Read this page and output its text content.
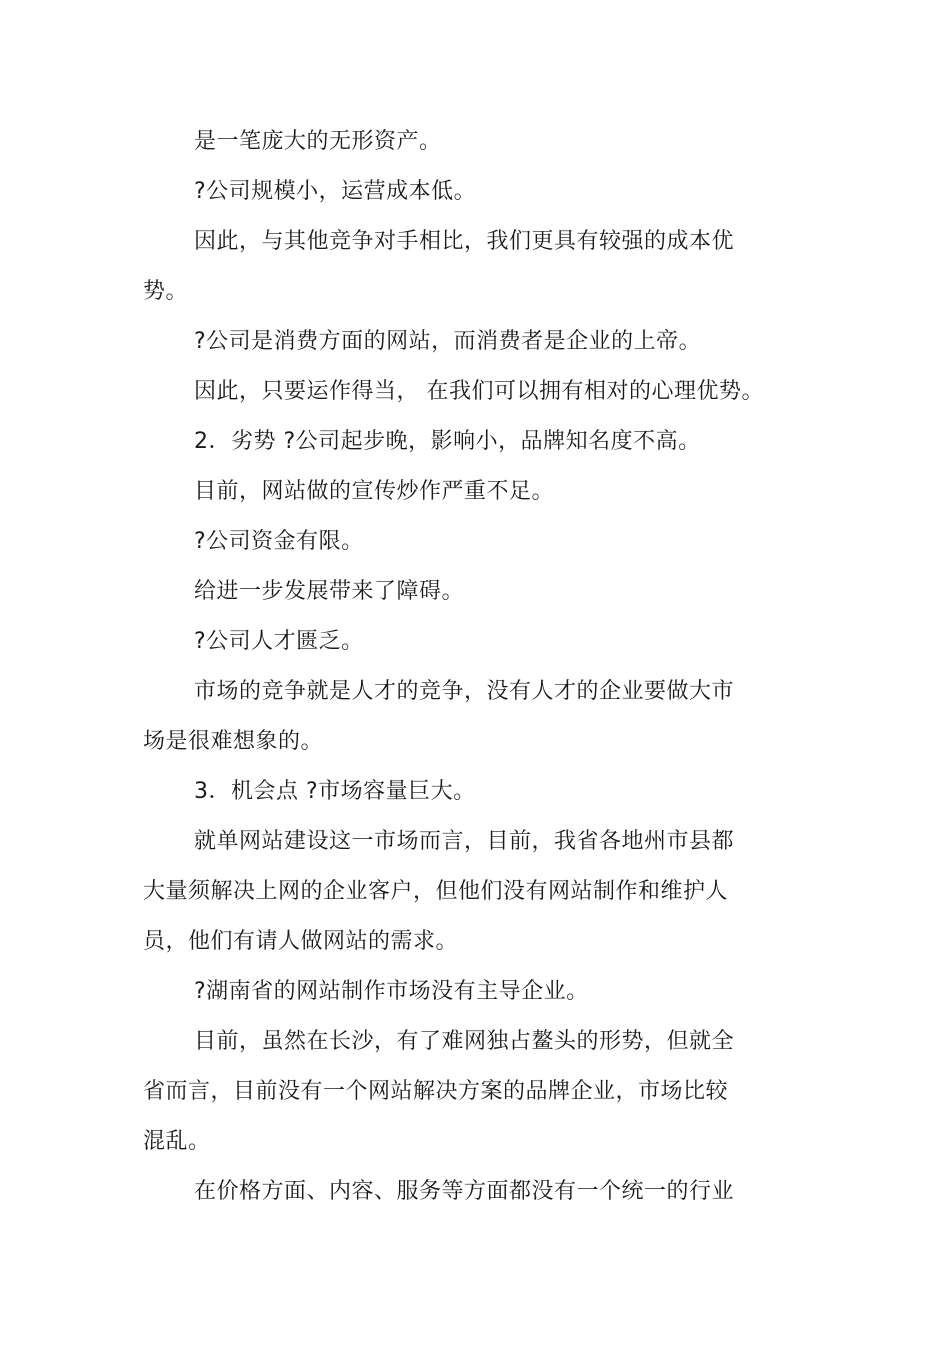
是一笔庞大的无形资产。
?公司规模小，运营成本低。
因此，与其他竞争对手相比，我们更具有较强的成本优
势。
?公司是消费方面的网站，而消费者是企业的上帝。
因此，只要运作得当， 在我们可以拥有相对的心理优势。
2．劣势 ?公司起步晚，影响小，品牌知名度不高。
目前，网站做的宣传炒作严重不足。
?公司资金有限。
给进一步发展带来了障碍。
?公司人才匮乏。
市场的竞争就是人才的竞争，没有人才的企业要做大市
场是很难想象的。
3．机会点 ?市场容量巨大。
就单网站建设这一市场而言，目前，我省各地州市县都
大量须解决上网的企业客户，但他们没有网站制作和维护人
员，他们有请人做网站的需求。
?湖南省的网站制作市场没有主导企业。
目前，虽然在长沙，有了难网独占鳌头的形势，但就全
省而言，目前没有一个网站解决方案的品牌企业，市场比较
混乱。
在价格方面、内容、服务等方面都没有一个统一的行业
